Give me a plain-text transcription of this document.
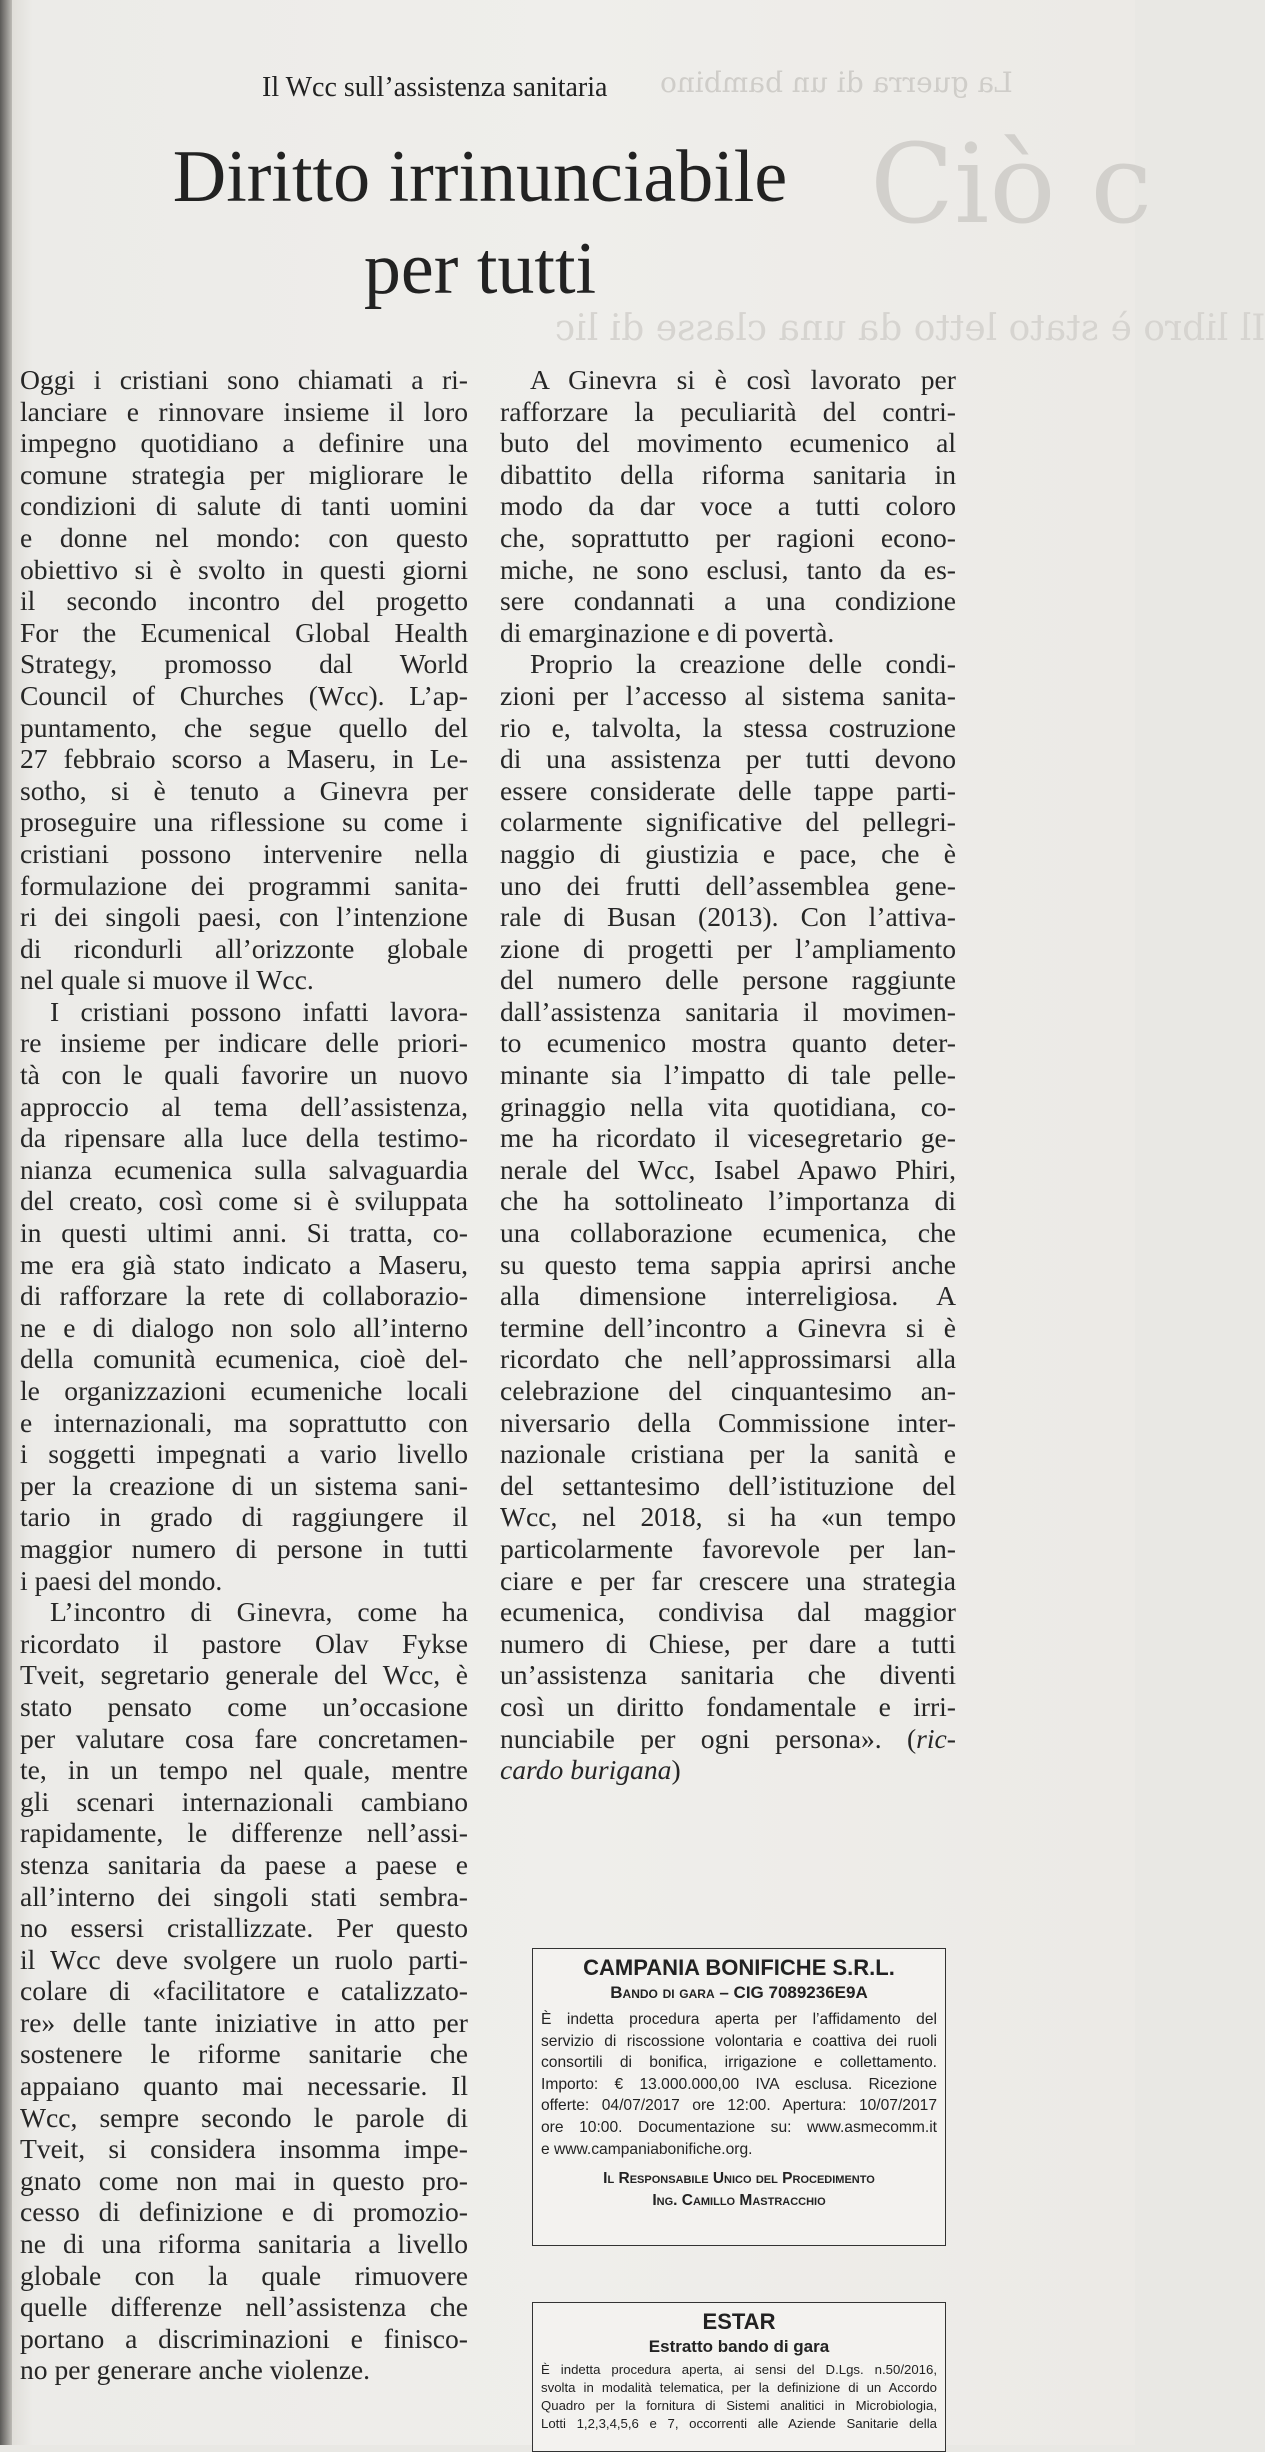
La guerra di un bambino
Ciò c
Il libro è stato letto da una classe di lic
Il Wcc sull’assistenza sanitaria
Diritto irrinunciabile
per tutti
Oggi i cristiani sono chiamati a ri-
lanciare e rinnovare insieme il loro
impegno quotidiano a definire una
comune strategia per migliorare le
condizioni di salute di tanti uomini
e donne nel mondo: con questo
obiettivo si è svolto in questi giorni
il secondo incontro del progetto
For the Ecumenical Global Health
Strategy, promosso dal World
Council of Churches (Wcc). L’ap-
puntamento, che segue quello del
27 febbraio scorso a Maseru, in Le-
sotho, si è tenuto a Ginevra per
proseguire una riflessione su come i
cristiani possono intervenire nella
formulazione dei programmi sanita-
ri dei singoli paesi, con l’intenzione
di ricondurli all’orizzonte globale
nel quale si muove il Wcc.
I cristiani possono infatti lavora-
re insieme per indicare delle priori-
tà con le quali favorire un nuovo
approccio al tema dell’assistenza,
da ripensare alla luce della testimo-
nianza ecumenica sulla salvaguardia
del creato, così come si è sviluppata
in questi ultimi anni. Si tratta, co-
me era già stato indicato a Maseru,
di rafforzare la rete di collaborazio-
ne e di dialogo non solo all’interno
della comunità ecumenica, cioè del-
le organizzazioni ecumeniche locali
e internazionali, ma soprattutto con
i soggetti impegnati a vario livello
per la creazione di un sistema sani-
tario in grado di raggiungere il
maggior numero di persone in tutti
i paesi del mondo.
L’incontro di Ginevra, come ha
ricordato il pastore Olav Fykse
Tveit, segretario generale del Wcc, è
stato pensato come un’occasione
per valutare cosa fare concretamen-
te, in un tempo nel quale, mentre
gli scenari internazionali cambiano
rapidamente, le differenze nell’assi-
stenza sanitaria da paese a paese e
all’interno dei singoli stati sembra-
no essersi cristallizzate. Per questo
il Wcc deve svolgere un ruolo parti-
colare di «facilitatore e catalizzato-
re» delle tante iniziative in atto per
sostenere le riforme sanitarie che
appaiano quanto mai necessarie. Il
Wcc, sempre secondo le parole di
Tveit, si considera insomma impe-
gnato come non mai in questo pro-
cesso di definizione e di promozio-
ne di una riforma sanitaria a livello
globale con la quale rimuovere
quelle differenze nell’assistenza che
portano a discriminazioni e finisco-
no per generare anche violenze.
A Ginevra si è così lavorato per
rafforzare la peculiarità del contri-
buto del movimento ecumenico al
dibattito della riforma sanitaria in
modo da dar voce a tutti coloro
che, soprattutto per ragioni econo-
miche, ne sono esclusi, tanto da es-
sere condannati a una condizione
di emarginazione e di povertà.
Proprio la creazione delle condi-
zioni per l’accesso al sistema sanita-
rio e, talvolta, la stessa costruzione
di una assistenza per tutti devono
essere considerate delle tappe parti-
colarmente significative del pellegri-
naggio di giustizia e pace, che è
uno dei frutti dell’assemblea gene-
rale di Busan (2013). Con l’attiva-
zione di progetti per l’ampliamento
del numero delle persone raggiunte
dall’assistenza sanitaria il movimen-
to ecumenico mostra quanto deter-
minante sia l’impatto di tale pelle-
grinaggio nella vita quotidiana, co-
me ha ricordato il vicesegretario ge-
nerale del Wcc, Isabel Apawo Phiri,
che ha sottolineato l’importanza di
una collaborazione ecumenica, che
su questo tema sappia aprirsi anche
alla dimensione interreligiosa. A
termine dell’incontro a Ginevra si è
ricordato che nell’approssimarsi alla
celebrazione del cinquantesimo an-
niversario della Commissione inter-
nazionale cristiana per la sanità e
del settantesimo dell’istituzione del
Wcc, nel 2018, si ha «un tempo
particolarmente favorevole per lan-
ciare e per far crescere una strategia
ecumenica, condivisa dal maggior
numero di Chiese, per dare a tutti
un’assistenza sanitaria che diventi
così un diritto fondamentale e irri-
nunciabile per ogni persona». (ric-
cardo burigana)
CAMPANIA BONIFICHE S.R.L.
Bando di gara – CIG 7089236E9A
È indetta procedura aperta per l’affidamento del
servizio di riscossione volontaria e coattiva dei ruoli
consortili di bonifica, irrigazione e collettamento.
Importo: € 13.000.000,00 IVA esclusa. Ricezione
offerte: 04/07/2017 ore 12:00. Apertura: 10/07/2017
ore 10:00. Documentazione su: www.asmecomm.it
e www.campaniabonifiche.org.
Il Responsabile Unico del Procedimento
Ing. Camillo Mastracchio
ESTAR
Estratto bando di gara
È indetta procedura aperta, ai sensi del D.Lgs. n.50/2016,
svolta in modalità telematica, per la definizione di un Accordo
Quadro per la fornitura di Sistemi analitici in Microbiologia,
Lotti 1,2,3,4,5,6 e 7, occorrenti alle Aziende Sanitarie della
